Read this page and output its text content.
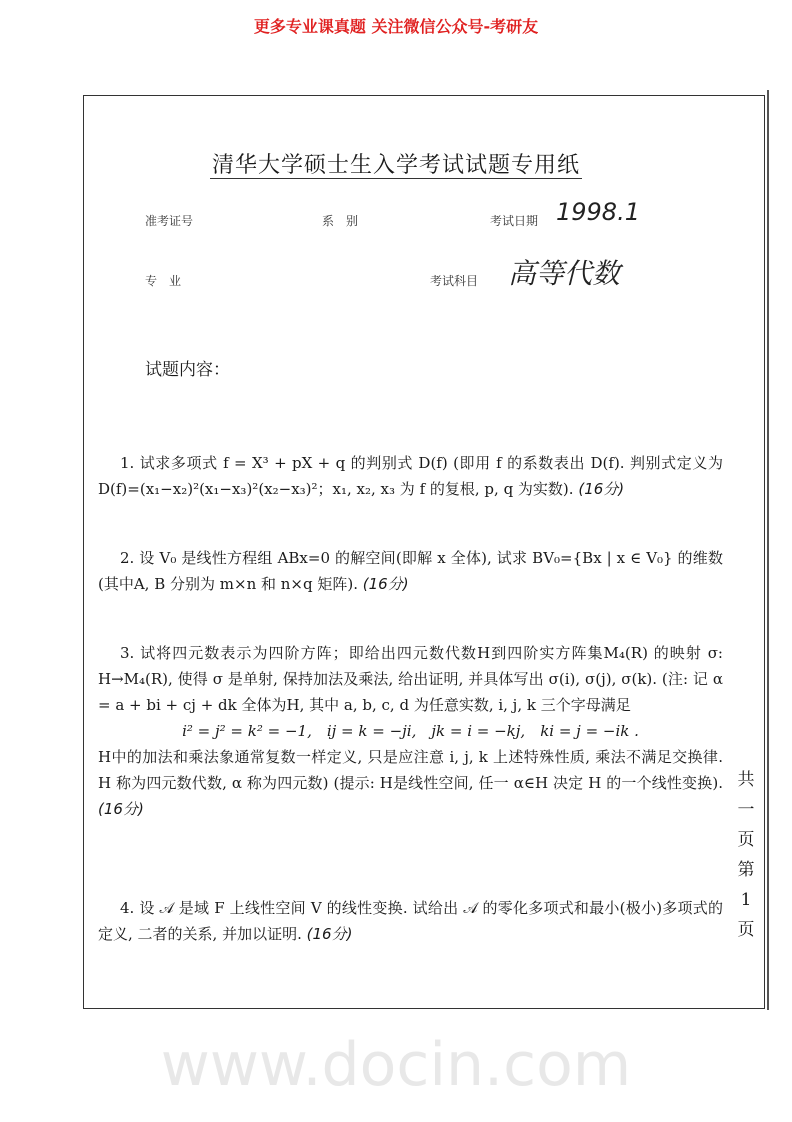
更多专业课真题 关注微信公众号-考研友
清华大学硕士生入学考试试题专用纸
准考证号	系　别	考试日期 1998.1
专　业	考试科目 高等代数
试题内容：

1. 试求多项式 f = X³ + pX + q 的判别式 D(f) (即用 f 的系数表出 D(f). 判别式定义为D(f)=(x₁−x₂)²(x₁−x₃)²(x₂−x₃)²；x₁, x₂, x₃ 为 f 的复根, p, q 为实数). (16分)

2. 设 V₀ 是线性方程组 ABx=0 的解空间(即解 x 全体), 试求 BV₀={Bx | x ∈ V₀} 的维数(其中A, B 分别为 m×n 和 n×q 矩阵). (16分)

3. 试将四元数表示为四阶方阵；即给出四元数代数H到四阶实方阵集M₄(R) 的映射 σ: H→M₄(R), 使得 σ 是单射, 保持加法及乘法, 给出证明, 并具体写出 σ(i), σ(j), σ(k). (注: 记 α = a + bi + cj + dk 全体为H, 其中 a, b, c, d 为任意实数, i, j, k 三个字母满足

i² = j² = k² = −1,　ij = k = −ji,　jk = i = −kj,　ki = j = −ik .

H中的加法和乘法象通常复数一样定义, 只是应注意 i, j, k 上述特殊性质, 乘法不满足交换律. H 称为四元数代数, α 称为四元数) (提示: H是线性空间, 任一 α∈H 决定 H 的一个线性变换). (16分)

4. 设 𝒜 是域 F 上线性空间 V 的线性变换. 试给出 𝒜 的零化多项式和最小(极小)多项式的定义, 二者的关系, 并加以证明. (16分)

共
一
页
第
1
页
www.docin.com
